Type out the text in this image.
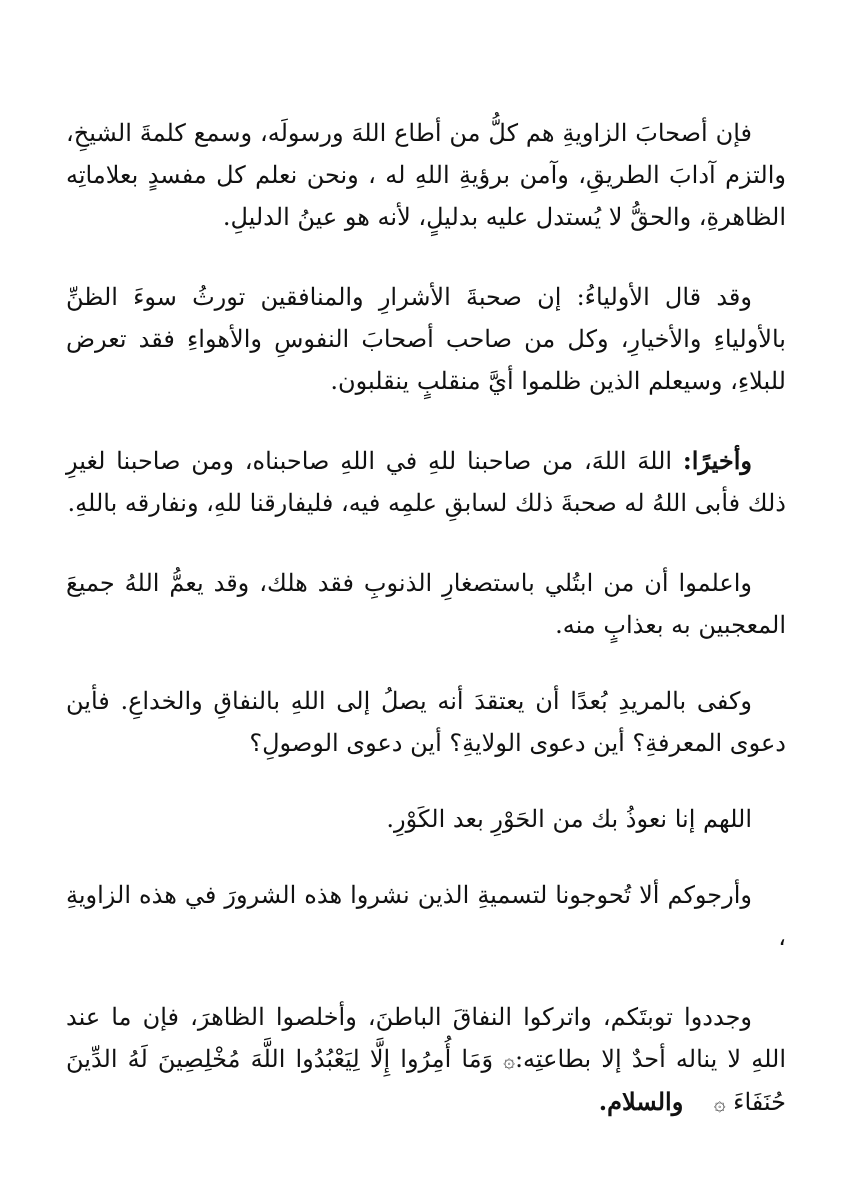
فإن أصحابَ الزاويةِ هم كلُّ من أطاع اللهَ ورسولَه، وسمع كلمةَ الشيخِ، والتزم آدابَ الطريقِ، وآمن برؤيةِ اللهِ له ، ونحن نعلم كل مفسدٍ بعلاماتِه الظاهرةِ، والحقُّ لا يُستدل عليه بدليلٍ، لأنه هو عينُ الدليلِ.

وقد قال الأولياءُ: إن صحبةَ الأشرارِ والمنافقين تورثُ سوءَ الظنِّ بالأولياءِ والأخيارِ، وكل من صاحب أصحابَ النفوسِ والأهواءِ فقد تعرض للبلاءِ، وسيعلم الذين ظلموا أيَّ منقلبٍ ينقلبون.

وأخيرًا: اللهَ اللهَ، من صاحبنا للهِ في اللهِ صاحبناه، ومن صاحبنا لغيرِ ذلك فأبى اللهُ له صحبةَ ذلك لسابقِ علمِه فيه، فليفارقنا للهِ، ونفارقه باللهِ.

واعلموا أن من ابتُلي باستصغارِ الذنوبِ فقد هلك، وقد يعمُّ اللهُ جميعَ المعجبين به بعذابٍ منه.

وكفى بالمريدِ بُعدًا أن يعتقدَ أنه يصلُ إلى اللهِ بالنفاقِ والخداعِ. فأين دعوى المعرفةِ؟ أين دعوى الولايةِ؟ أين دعوى الوصولِ؟

اللهم إنا نعوذُ بك من الحَوْرِ بعد الكَوْرِ.

وأرجوكم ألا تُحوجونا لتسميةِ الذين نشروا هذه الشرورَ في هذه الزاويةِ ،

وجددوا توبتَكم، واتركوا النفاقَ الباطنَ، وأخلصوا الظاهرَ، فإن ما عند اللهِ لا يناله أحدٌ إلا بطاعتِه:۞ وَمَا أُمِرُوا إِلَّا لِيَعْبُدُوا اللَّهَ مُخْلِصِينَ لَهُ الدِّينَ حُنَفَاءَ ۞    والسلام.
